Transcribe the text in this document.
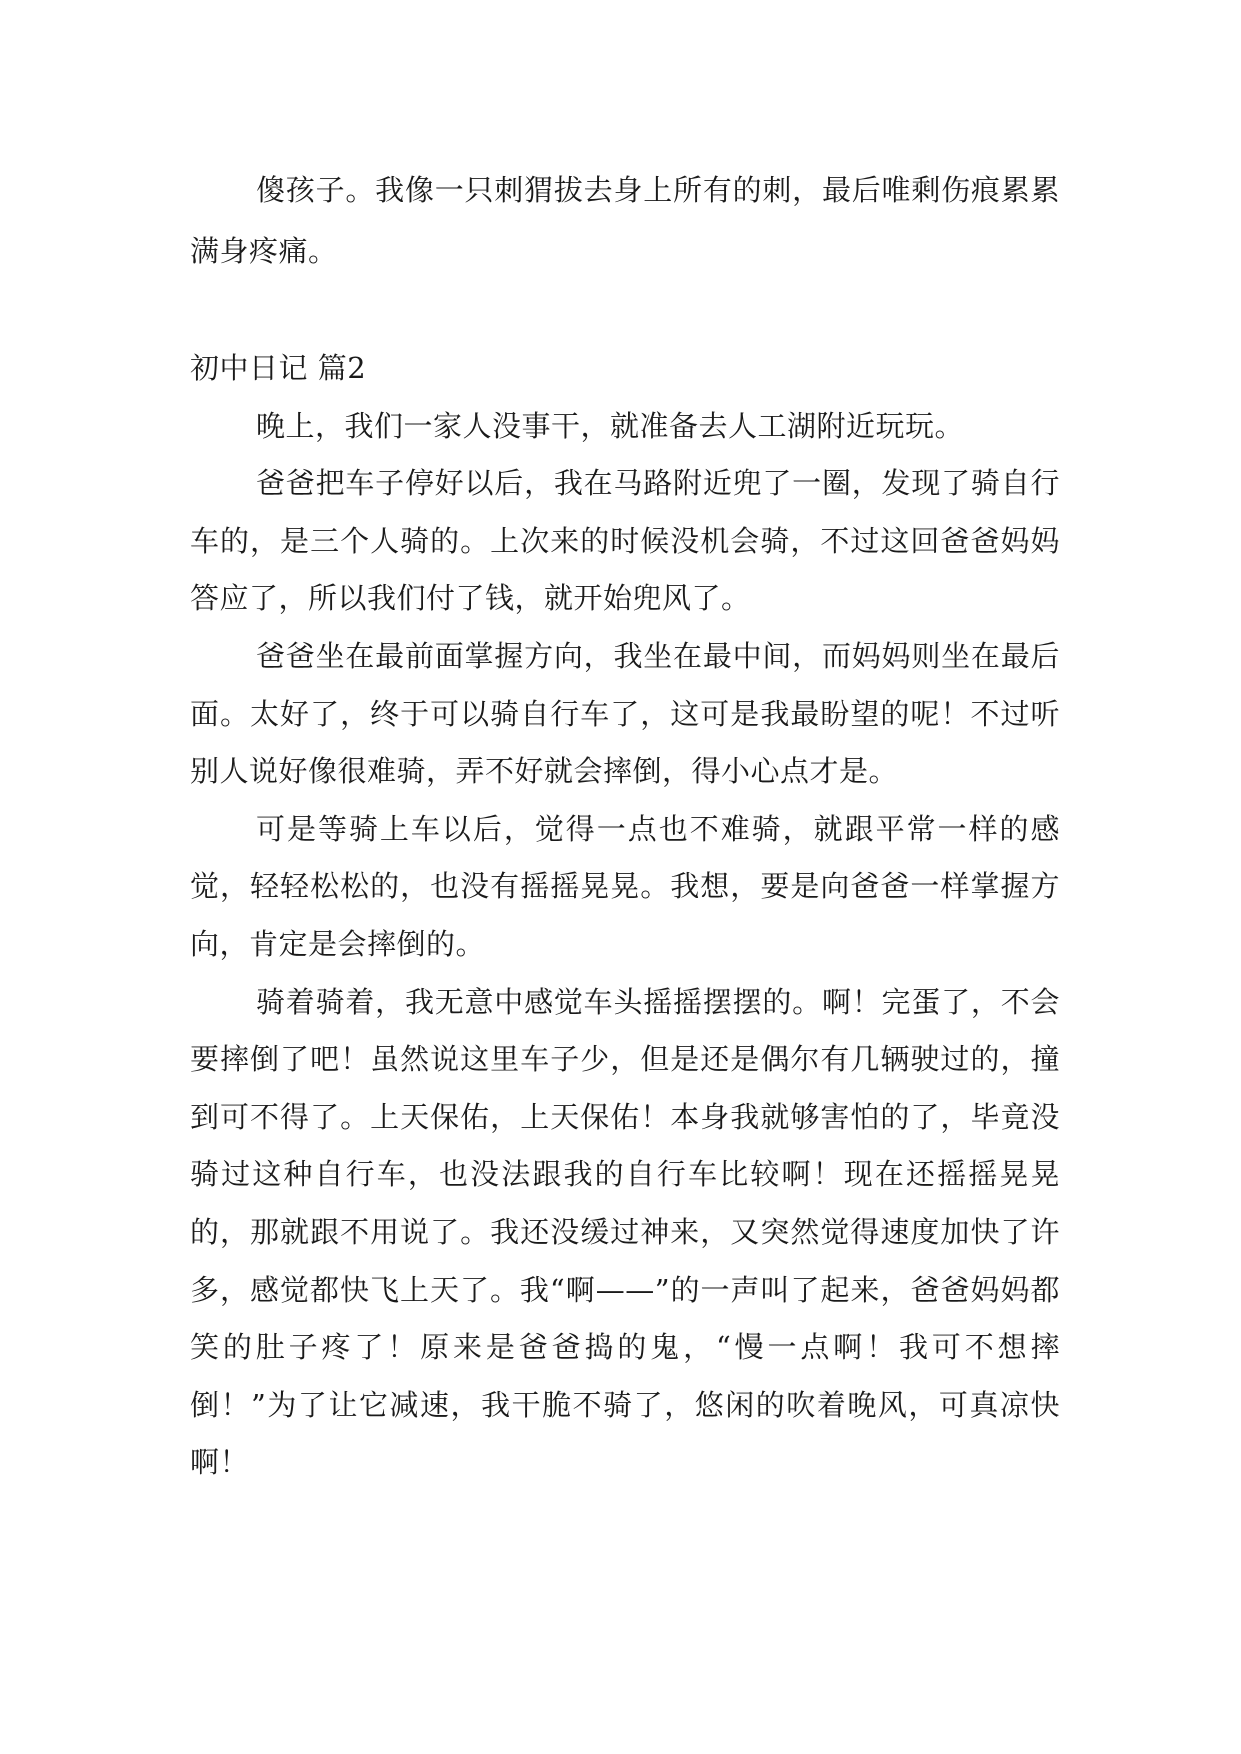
傻孩子。我像一只刺猬拔去身上所有的刺，最后唯剩伤痕累累满身疼痛。

初中日记 篇2

晚上，我们一家人没事干，就准备去人工湖附近玩玩。

爸爸把车子停好以后，我在马路附近兜了一圈，发现了骑自行车的，是三个人骑的。上次来的时候没机会骑，不过这回爸爸妈妈答应了，所以我们付了钱，就开始兜风了。

爸爸坐在最前面掌握方向，我坐在最中间，而妈妈则坐在最后面。太好了，终于可以骑自行车了，这可是我最盼望的呢！不过听别人说好像很难骑，弄不好就会摔倒，得小心点才是。

可是等骑上车以后，觉得一点也不难骑，就跟平常一样的感觉，轻轻松松的，也没有摇摇晃晃。我想，要是向爸爸一样掌握方向，肯定是会摔倒的。

骑着骑着，我无意中感觉车头摇摇摆摆的。啊！完蛋了，不会要摔倒了吧！虽然说这里车子少，但是还是偶尔有几辆驶过的，撞到可不得了。上天保佑，上天保佑！本身我就够害怕的了，毕竟没骑过这种自行车，也没法跟我的自行车比较啊！现在还摇摇晃晃的，那就跟不用说了。我还没缓过神来，又突然觉得速度加快了许多，感觉都快飞上天了。我“啊——”的一声叫了起来，爸爸妈妈都笑的肚子疼了！原来是爸爸捣的鬼，“慢一点啊！我可不想摔倒！”为了让它减速，我干脆不骑了，悠闲的吹着晚风，可真凉快啊！
